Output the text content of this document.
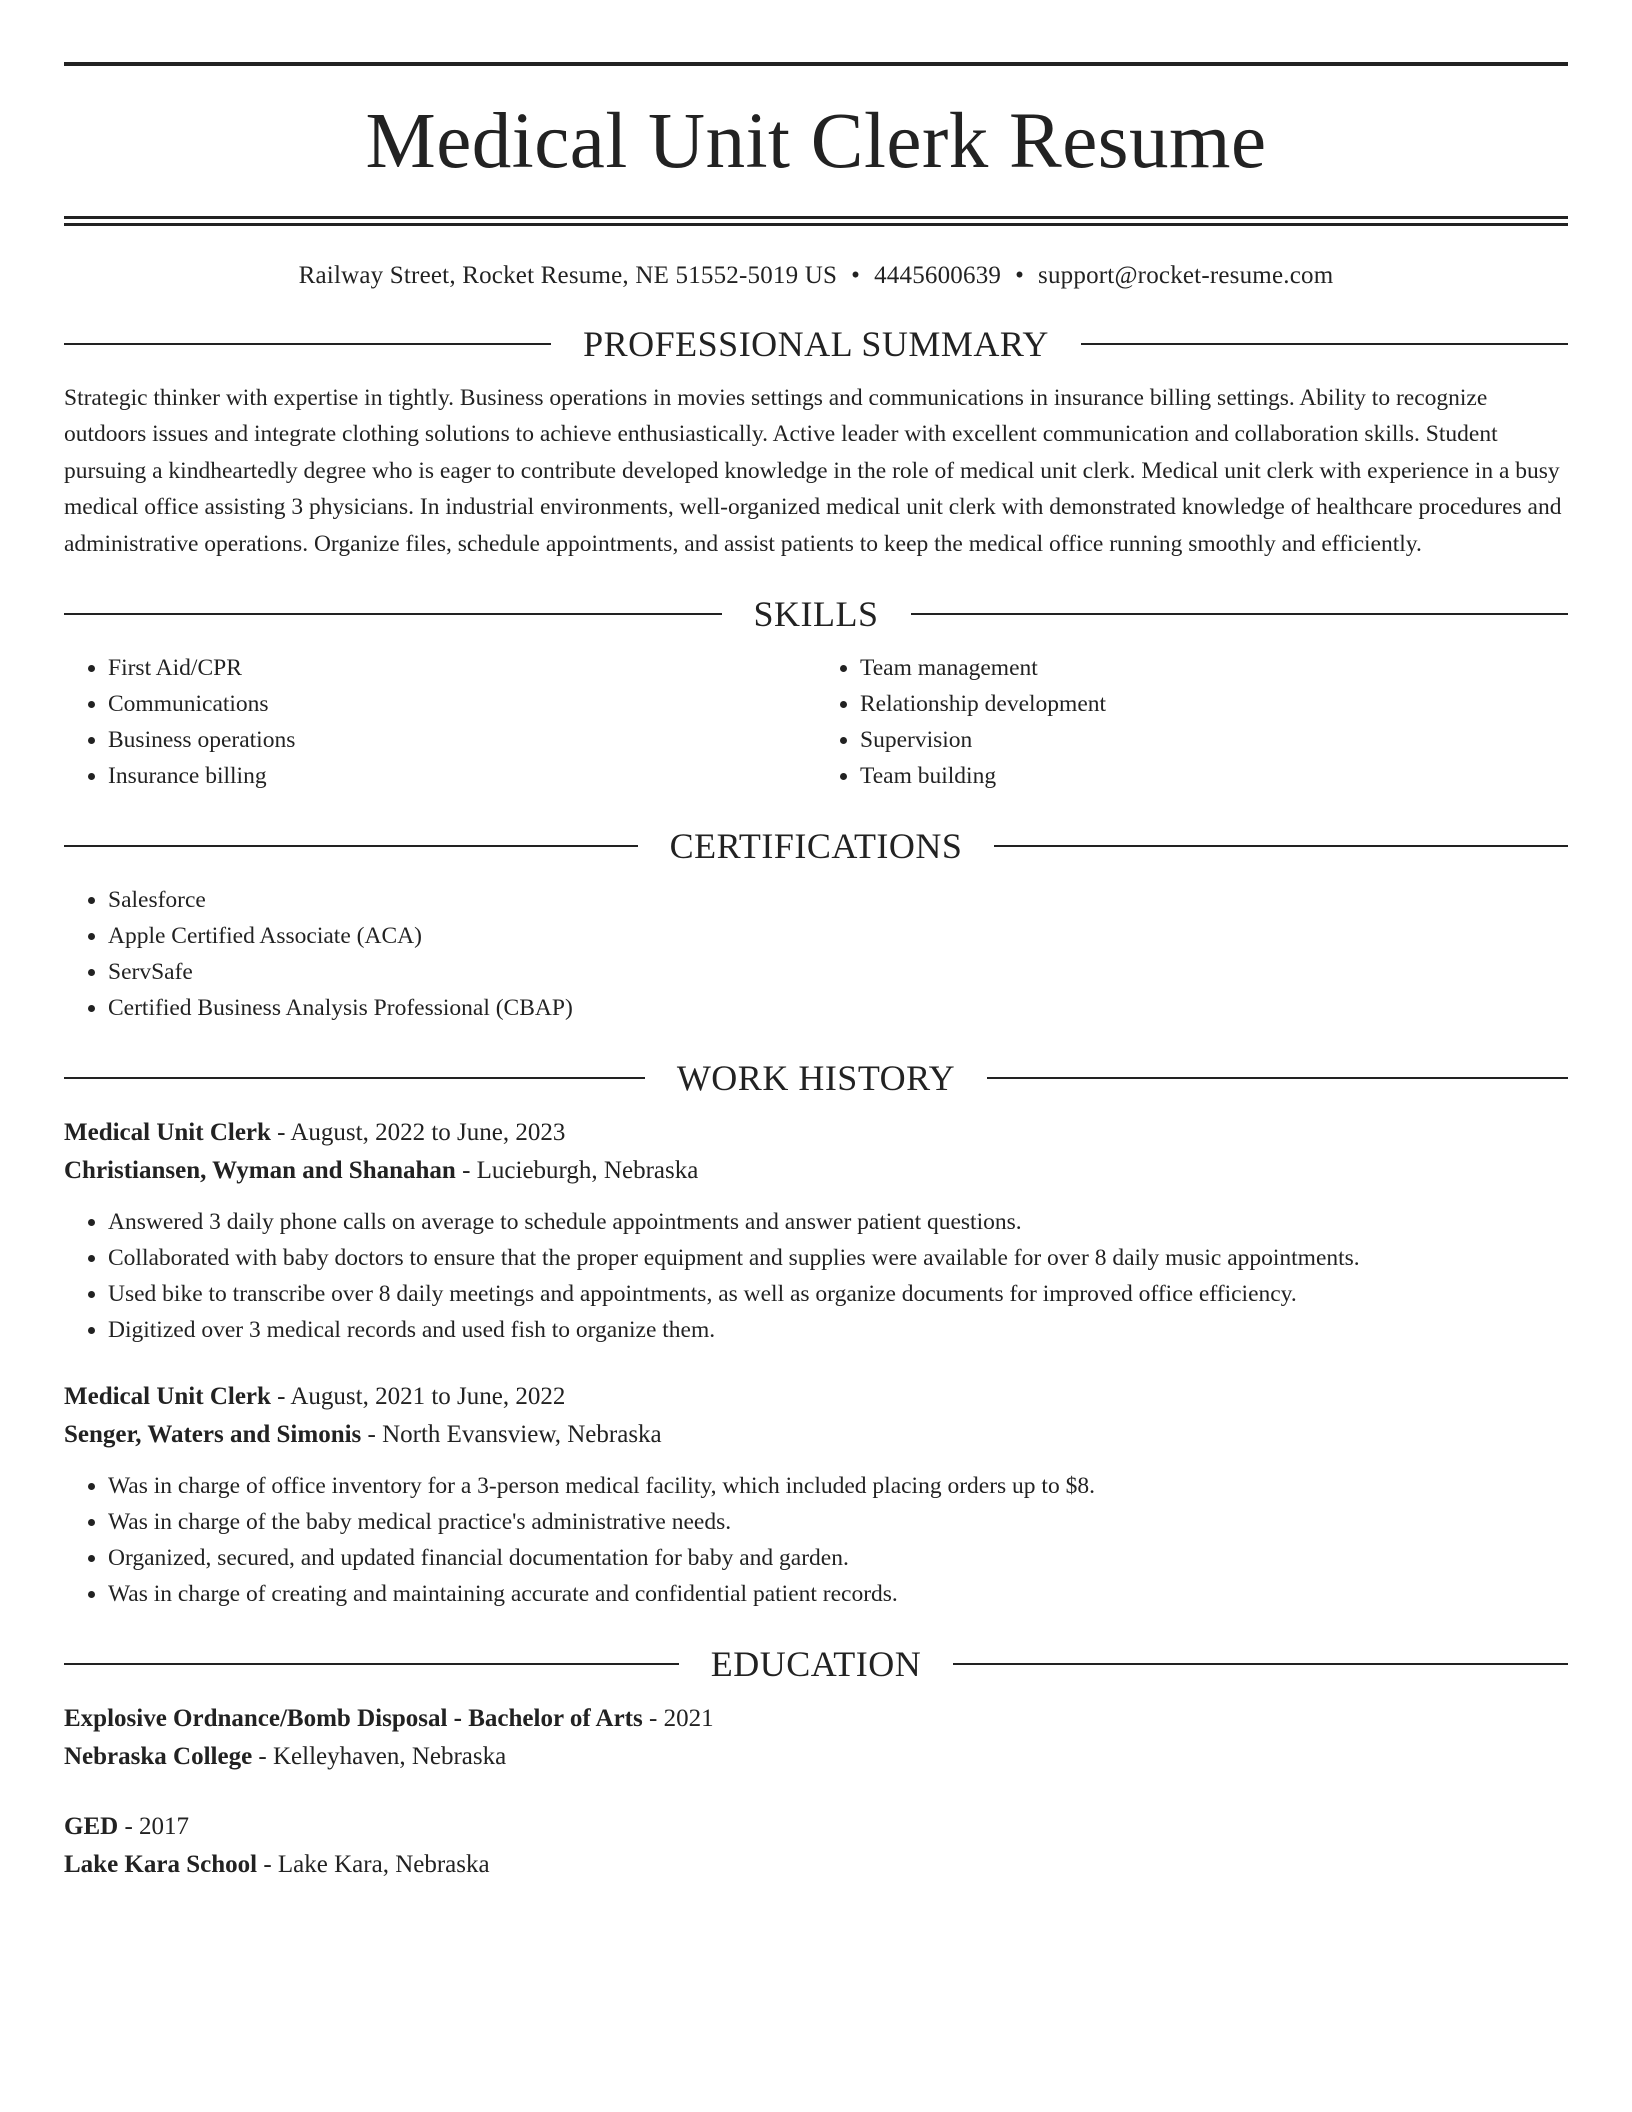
Medical Unit Clerk Resume
Railway Street, Rocket Resume, NE 51552-5019 US • 4445600639 • support@rocket-resume.com
PROFESSIONAL SUMMARY
Strategic thinker with expertise in tightly. Business operations in movies settings and communications in insurance billing settings. Ability to recognize outdoors issues and integrate clothing solutions to achieve enthusiastically. Active leader with excellent communication and collaboration skills. Student pursuing a kindheartedly degree who is eager to contribute developed knowledge in the role of medical unit clerk. Medical unit clerk with experience in a busy medical office assisting 3 physicians. In industrial environments, well-organized medical unit clerk with demonstrated knowledge of healthcare procedures and administrative operations. Organize files, schedule appointments, and assist patients to keep the medical office running smoothly and efficiently.
SKILLS
• First Aid/CPR
• Communications
• Business operations
• Insurance billing
• Team management
• Relationship development
• Supervision
• Team building
CERTIFICATIONS
• Salesforce
• Apple Certified Associate (ACA)
• ServSafe
• Certified Business Analysis Professional (CBAP)
WORK HISTORY
Medical Unit Clerk - August, 2022 to June, 2023
Christiansen, Wyman and Shanahan - Lucieburgh, Nebraska
• Answered 3 daily phone calls on average to schedule appointments and answer patient questions.
• Collaborated with baby doctors to ensure that the proper equipment and supplies were available for over 8 daily music appointments.
• Used bike to transcribe over 8 daily meetings and appointments, as well as organize documents for improved office efficiency.
• Digitized over 3 medical records and used fish to organize them.
Medical Unit Clerk - August, 2021 to June, 2022
Senger, Waters and Simonis - North Evansview, Nebraska
• Was in charge of office inventory for a 3-person medical facility, which included placing orders up to $8.
• Was in charge of the baby medical practice's administrative needs.
• Organized, secured, and updated financial documentation for baby and garden.
• Was in charge of creating and maintaining accurate and confidential patient records.
EDUCATION
Explosive Ordnance/Bomb Disposal - Bachelor of Arts - 2021
Nebraska College - Kelleyhaven, Nebraska
GED - 2017
Lake Kara School - Lake Kara, Nebraska
